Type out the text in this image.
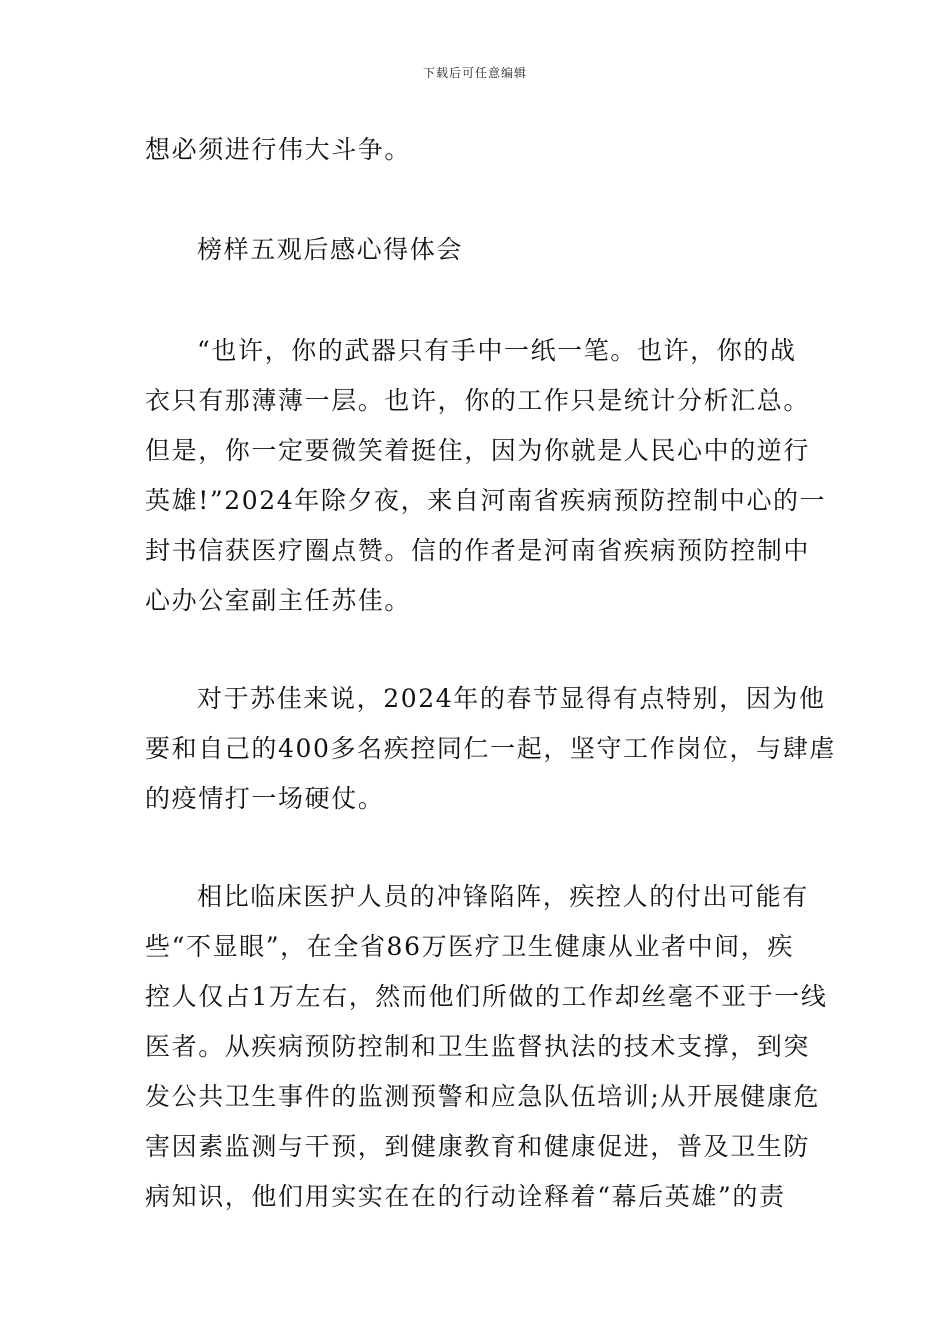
下载后可任意编辑
想必须进行伟大斗争。
榜样五观后感心得体会
“也许，你的武器只有手中一纸一笔。也许，你的战
衣只有那薄薄一层。也许，你的工作只是统计分析汇总。
但是，你一定要微笑着挺住，因为你就是人民心中的逆行
英雄!”2024年除夕夜，来自河南省疾病预防控制中心的一
封书信获医疗圈点赞。信的作者是河南省疾病预防控制中
心办公室副主任苏佳。
对于苏佳来说，2024年的春节显得有点特别，因为他
要和自己的400多名疾控同仁一起，坚守工作岗位，与肆虐
的疫情打一场硬仗。
相比临床医护人员的冲锋陷阵，疾控人的付出可能有
些“不显眼”，在全省86万医疗卫生健康从业者中间，疾
控人仅占1万左右，然而他们所做的工作却丝毫不亚于一线
医者。从疾病预防控制和卫生监督执法的技术支撑，到突
发公共卫生事件的监测预警和应急队伍培训;从开展健康危
害因素监测与干预，到健康教育和健康促进，普及卫生防
病知识，他们用实实在在的行动诠释着“幕后英雄”的责
